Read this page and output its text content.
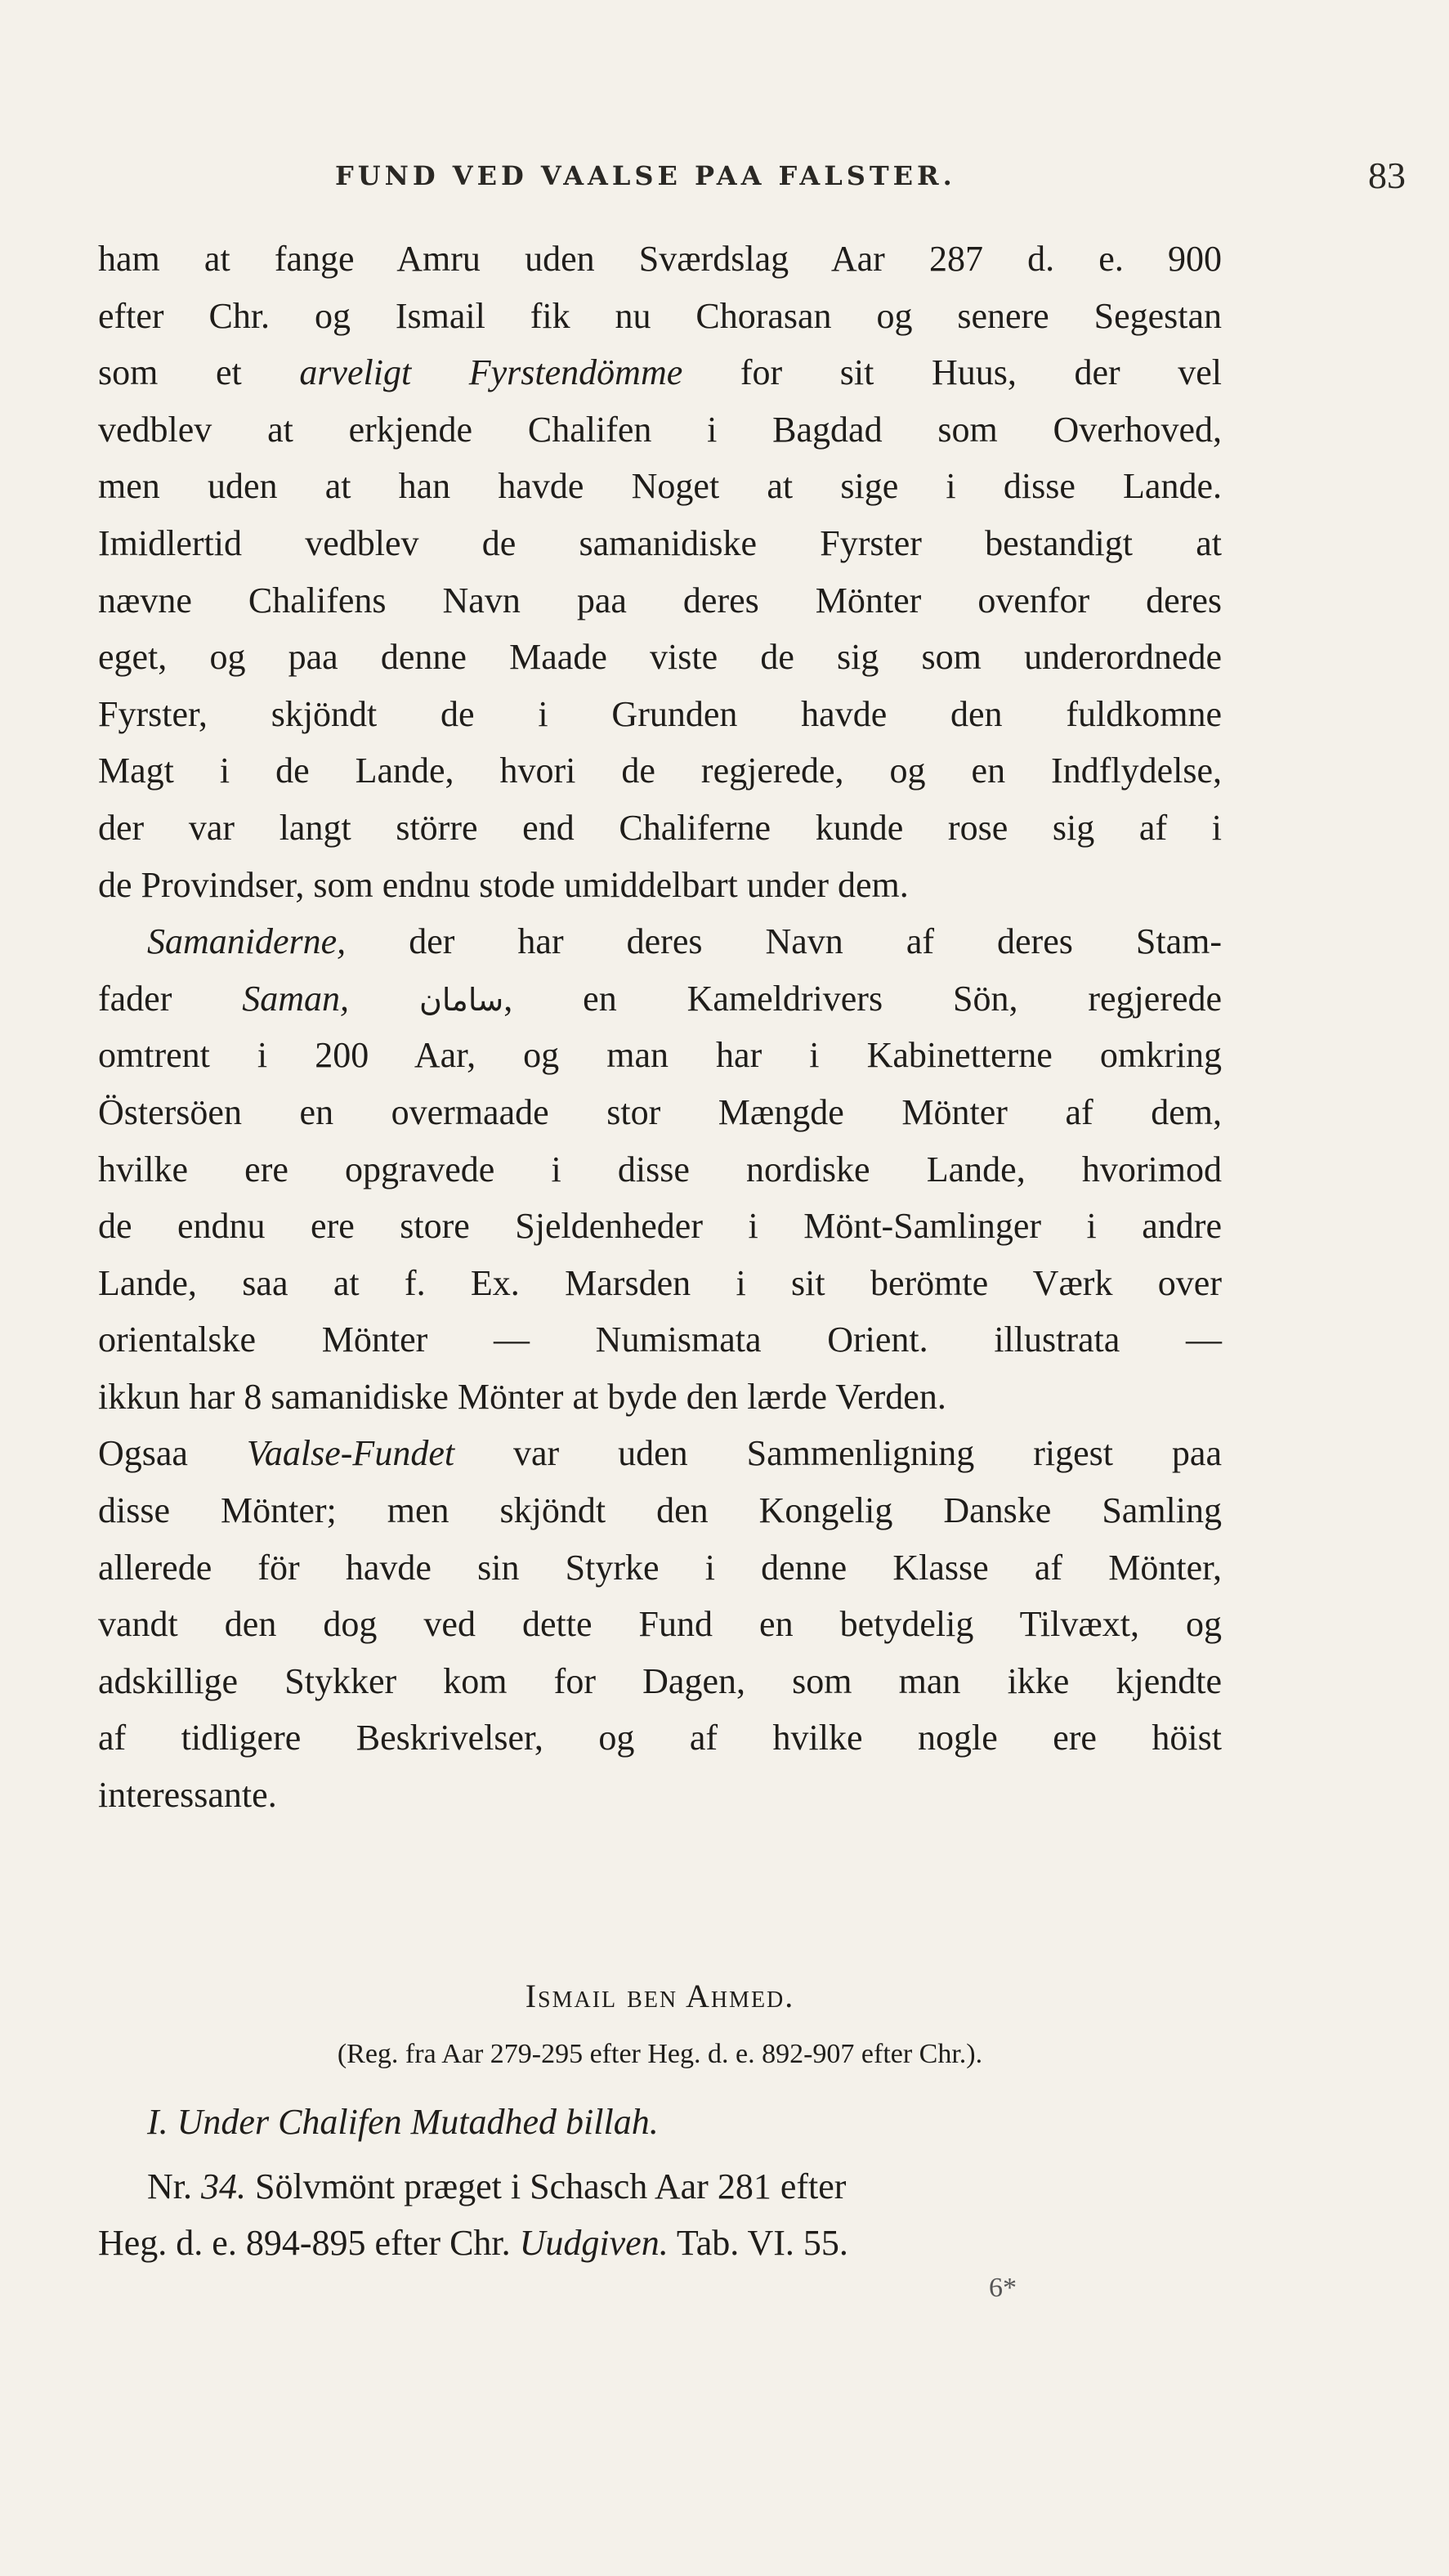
FUND VED VAALSE PAA FALSTER.	83
ham at fange Amru uden Sværdslag Aar 287 d. e. 900
efter Chr. og Ismail fik nu Chorasan og senere Segestan
som et arveligt Fyrstendömme for sit Huus, der vel
vedblev at erkjende Chalifen i Bagdad som Overhoved,
men uden at han havde Noget at sige i disse Lande.
Imidlertid vedblev de samanidiske Fyrster bestandigt at
nævne Chalifens Navn paa deres Mönter ovenfor deres
eget, og paa denne Maade viste de sig som underordnede
Fyrster, skjöndt de i Grunden havde den fuldkomne
Magt i de Lande, hvori de regjerede, og en Indflydelse,
der var langt större end Chaliferne kunde rose sig af i
de Provindser, som endnu stode umiddelbart under dem.
Samaniderne, der har deres Navn af deres Stam-
fader Saman, سامان, en Kameldrivers Sön, regjerede
omtrent i 200 Aar, og man har i Kabinetterne omkring
Östersöen en overmaade stor Mængde Mönter af dem,
hvilke ere opgravede i disse nordiske Lande, hvorimod
de endnu ere store Sjeldenheder i Mönt-Samlinger i andre
Lande, saa at f. Ex. Marsden i sit berömte Værk over
orientalske Mönter — Numismata Orient. illustrata —
ikkun har 8 samanidiske Mönter at byde den lærde Verden.
Ogsaa Vaalse-Fundet var uden Sammenligning rigest paa
disse Mönter; men skjöndt den Kongelig Danske Samling
allerede för havde sin Styrke i denne Klasse af Mönter,
vandt den dog ved dette Fund en betydelig Tilvæxt, og
adskillige Stykker kom for Dagen, som man ikke kjendte
af tidligere Beskrivelser, og af hvilke nogle ere höist
interessante.
Ismail ben Ahmed.
(Reg. fra Aar 279-295 efter Heg. d. e. 892-907 efter Chr.).
I. Under Chalifen Mutadhed billah.
Nr. 34. Sölvmönt præget i Schasch Aar 281 efter
Heg. d. e. 894-895 efter Chr. Uudgiven. Tab. VI. 55.
6*
